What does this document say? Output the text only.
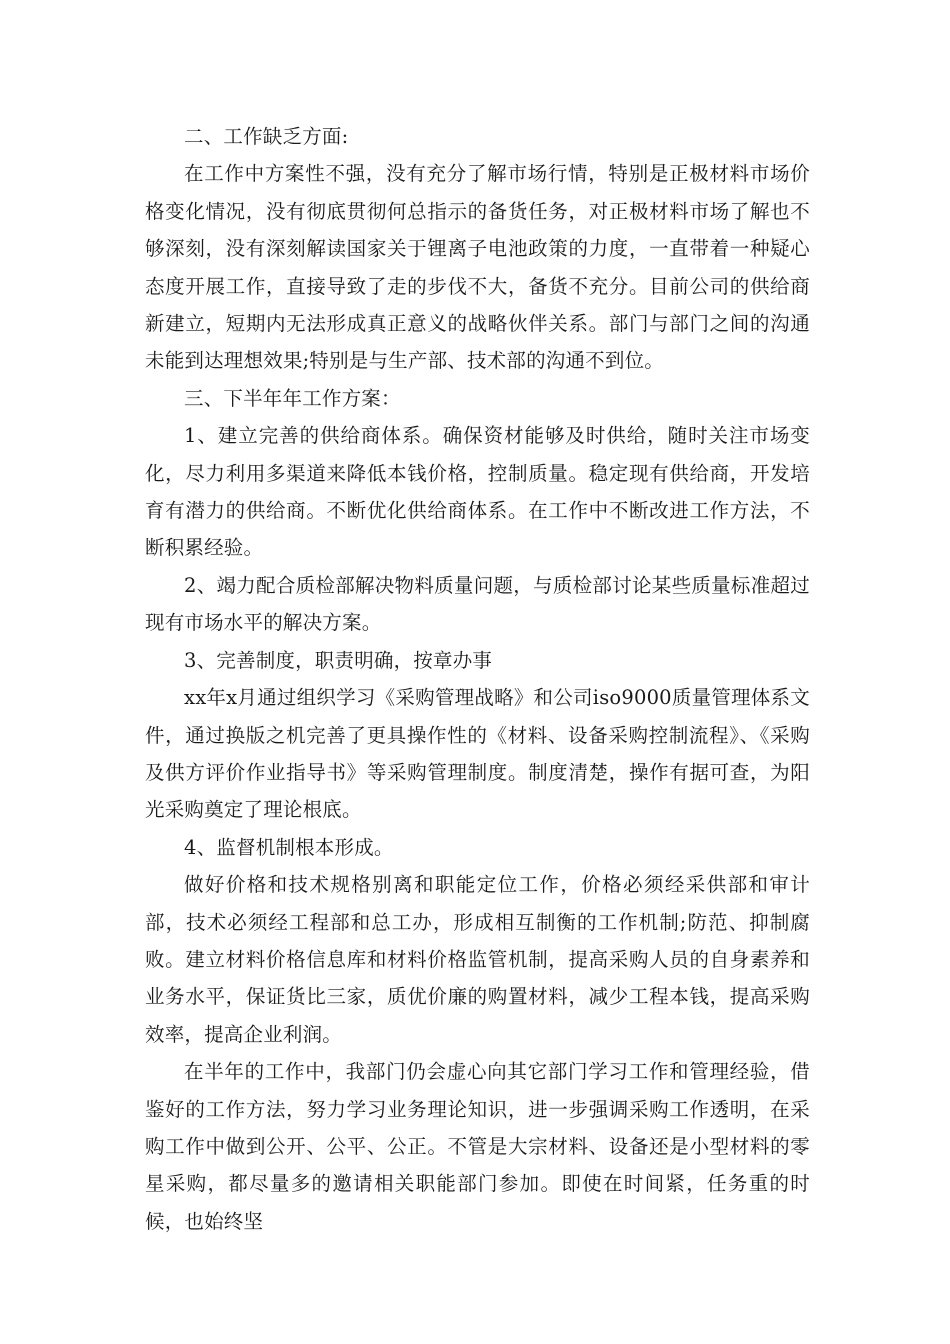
二、工作缺乏方面:

在工作中方案性不强，没有充分了解市场行情，特别是正极材料市场价格变化情况，没有彻底贯彻何总指示的备货任务，对正极材料市场了解也不够深刻，没有深刻解读国家关于锂离子电池政策的力度，一直带着一种疑心态度开展工作，直接导致了走的步伐不大，备货不充分。目前公司的供给商新建立，短期内无法形成真正意义的战略伙伴关系。部门与部门之间的沟通未能到达理想效果;特别是与生产部、技术部的沟通不到位。

三、下半年年工作方案：

1、建立完善的供给商体系。确保资材能够及时供给，随时关注市场变化，尽力利用多渠道来降低本钱价格，控制质量。稳定现有供给商，开发培育有潜力的供给商。不断优化供给商体系。在工作中不断改进工作方法，不断积累经验。

2、竭力配合质检部解决物料质量问题，与质检部讨论某些质量标准超过现有市场水平的解决方案。

3、完善制度，职责明确，按章办事

xx年x月通过组织学习《采购管理战略》和公司iso9000质量管理体系文件，通过换版之机完善了更具操作性的《材料、设备采购控制流程》、《采购及供方评价作业指导书》等采购管理制度。制度清楚，操作有据可查，为阳光采购奠定了理论根底。

4、监督机制根本形成。

做好价格和技术规格别离和职能定位工作，价格必须经采供部和审计部，技术必须经工程部和总工办，形成相互制衡的工作机制;防范、抑制腐败。建立材料价格信息库和材料价格监管机制，提高采购人员的自身素养和业务水平，保证货比三家，质优价廉的购置材料，减少工程本钱，提高采购效率，提高企业利润。

在半年的工作中，我部门仍会虚心向其它部门学习工作和管理经验，借鉴好的工作方法，努力学习业务理论知识，进一步强调采购工作透明，在采购工作中做到公开、公平、公正。不管是大宗材料、设备还是小型材料的零星采购，都尽量多的邀请相关职能部门参加。即使在时间紧，任务重的时候，也始终坚
